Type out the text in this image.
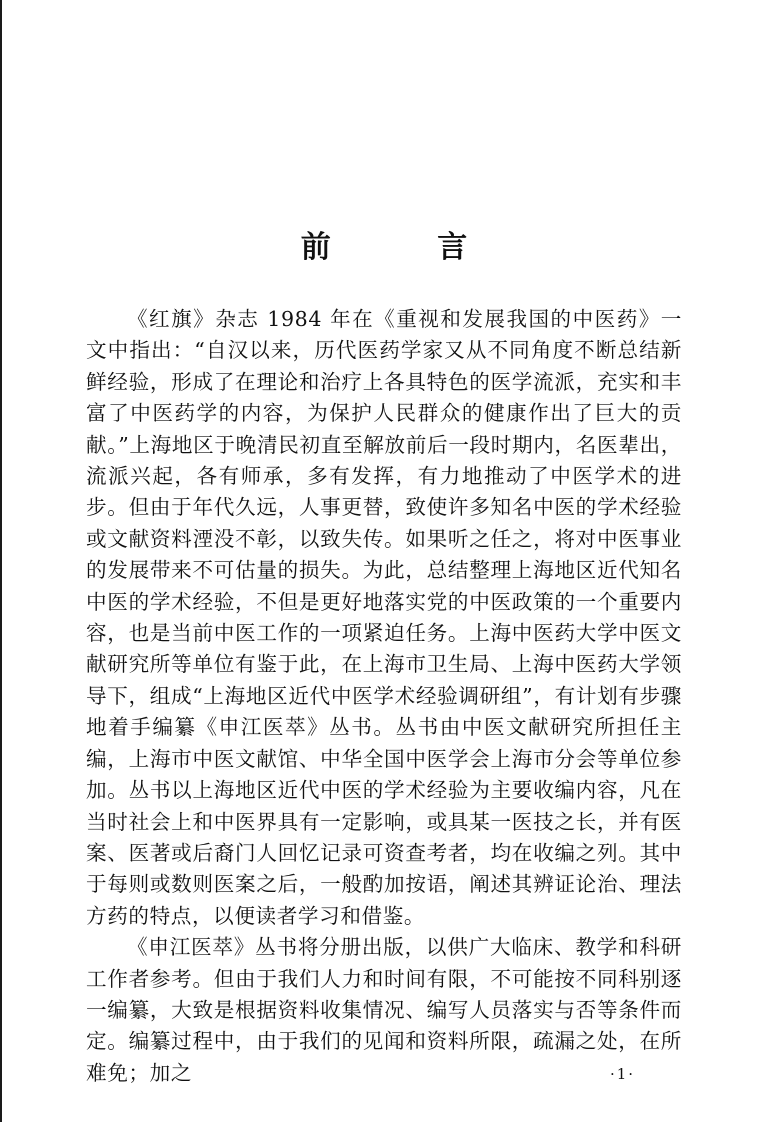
前 言

《红旗》杂志 1984 年在《重视和发展我国的中医药》一文中指出：“自汉以来，历代医药学家又从不同角度不断总结新鲜经验，形成了在理论和治疗上各具特色的医学流派，充实和丰富了中医药学的内容，为保护人民群众的健康作出了巨大的贡献。”上海地区于晚清民初直至解放前后一段时期内，名医辈出，流派兴起，各有师承，多有发挥，有力地推动了中医学术的进步。但由于年代久远，人事更替，致使许多知名中医的学术经验或文献资料湮没不彰，以致失传。如果听之任之，将对中医事业的发展带来不可估量的损失。为此，总结整理上海地区近代知名中医的学术经验，不但是更好地落实党的中医政策的一个重要内容，也是当前中医工作的一项紧迫任务。上海中医药大学中医文献研究所等单位有鉴于此，在上海市卫生局、上海中医药大学领导下，组成“上海地区近代中医学术经验调研组”，有计划有步骤地着手编纂《申江医萃》丛书。丛书由中医文献研究所担任主编，上海市中医文献馆、中华全国中医学会上海市分会等单位参加。丛书以上海地区近代中医的学术经验为主要收编内容，凡在当时社会上和中医界具有一定影响，或具某一医技之长，并有医案、医著或后裔门人回忆记录可资查考者，均在收编之列。其中于每则或数则医案之后，一般酌加按语，阐述其辨证论治、理法方药的特点，以便读者学习和借鉴。

《申江医萃》丛书将分册出版，以供广大临床、教学和科研工作者参考。但由于我们人力和时间有限，不可能按不同科别逐一编纂，大致是根据资料收集情况、编写人员落实与否等条件而定。编纂过程中，由于我们的见闻和资料所限，疏漏之处，在所难免；加之	·1·
